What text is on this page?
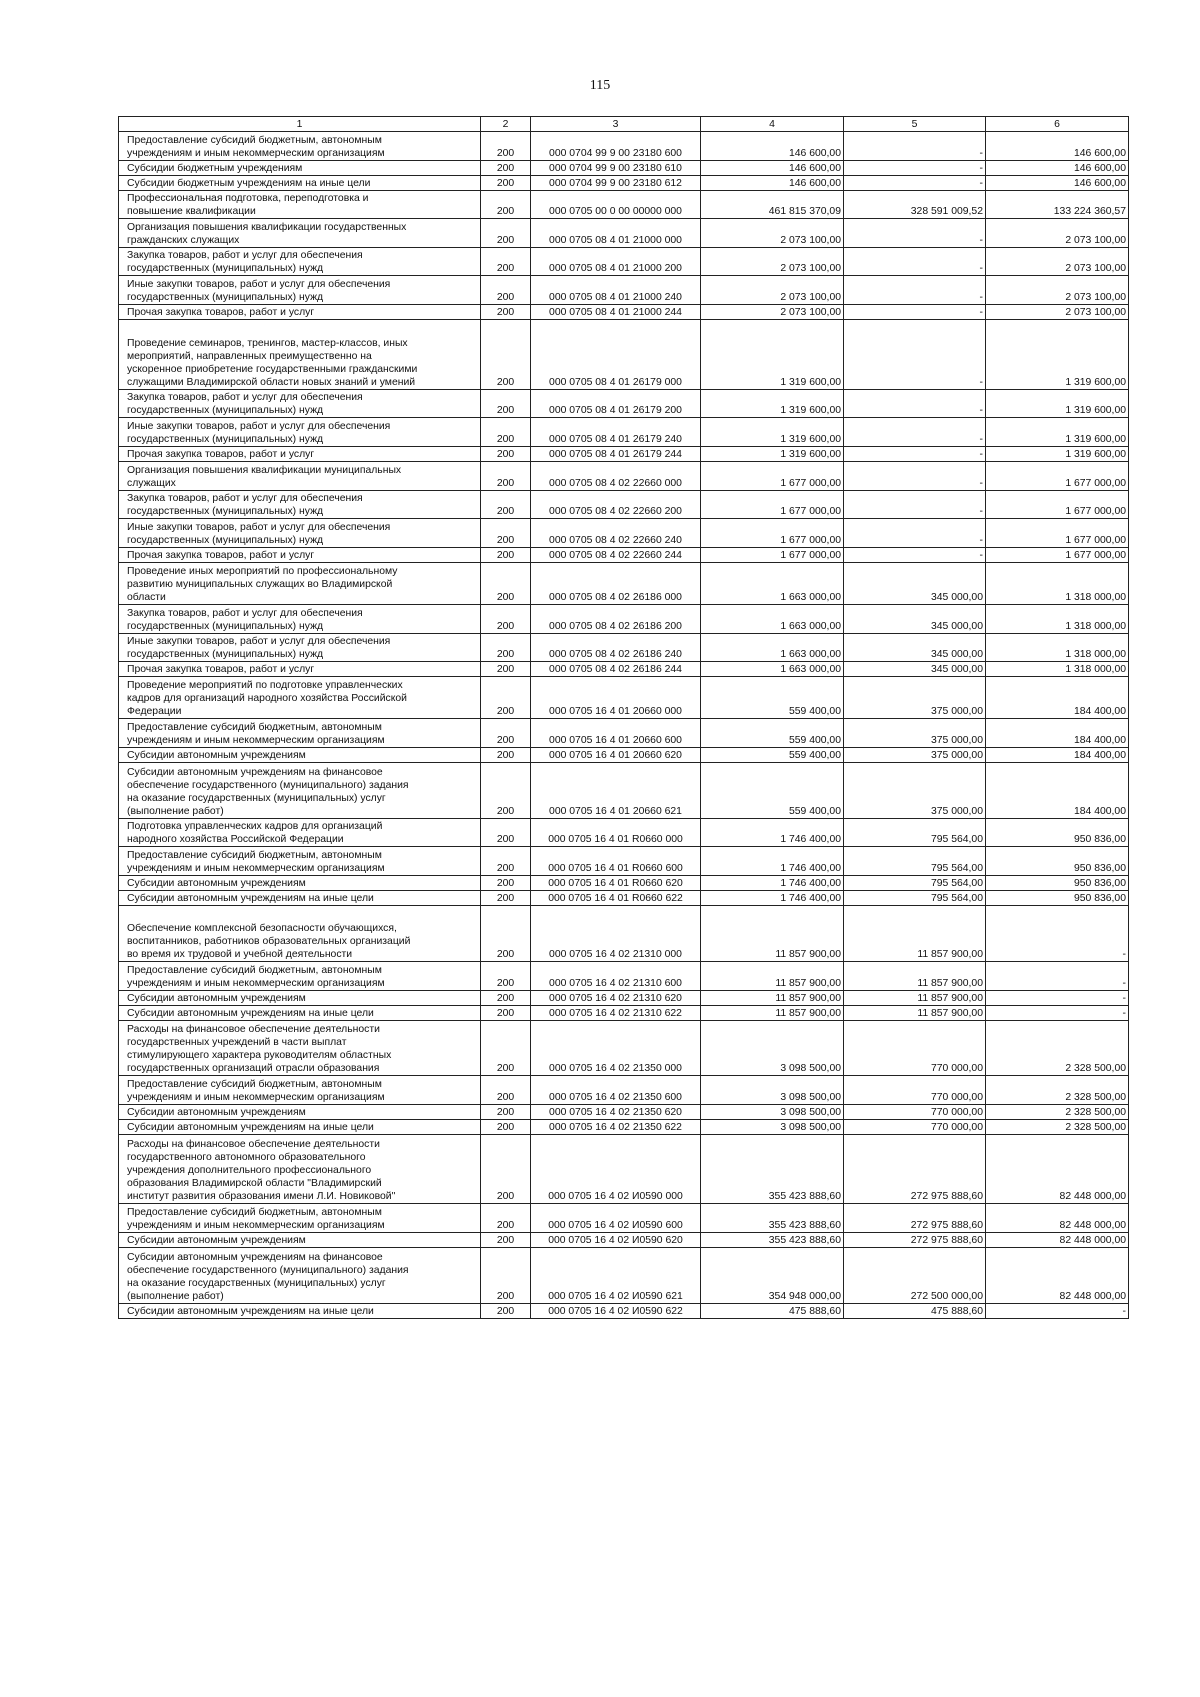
115
1	2	3	4	5	6
Предоставление субсидий бюджетным, автономным
учреждениям и иным некоммерческим организациям	200	000 0704 99 9 00 23180 600	146 600,00	-	146 600,00
Субсидии бюджетным учреждениям	200	000 0704 99 9 00 23180 610	146 600,00	-	146 600,00
Субсидии бюджетным учреждениям на иные цели	200	000 0704 99 9 00 23180 612	146 600,00	-	146 600,00
Профессиональная подготовка, переподготовка и
повышение квалификации	200	000 0705 00 0 00 00000 000	461 815 370,09	328 591 009,52	133 224 360,57
Организация повышения квалификации государственных
гражданских служащих	200	000 0705 08 4 01 21000 000	2 073 100,00	-	2 073 100,00
Закупка товаров, работ и услуг для обеспечения
государственных (муниципальных) нужд	200	000 0705 08 4 01 21000 200	2 073 100,00	-	2 073 100,00
Иные закупки товаров, работ и услуг для обеспечения
государственных (муниципальных) нужд	200	000 0705 08 4 01 21000 240	2 073 100,00	-	2 073 100,00
Прочая закупка товаров, работ и услуг	200	000 0705 08 4 01 21000 244	2 073 100,00	-	2 073 100,00
Проведение семинаров, тренингов, мастер-классов, иных
мероприятий, направленных преимущественно на
ускоренное приобретение государственными гражданскими
служащими Владимирской области новых знаний и умений	200	000 0705 08 4 01 26179 000	1 319 600,00	-	1 319 600,00
Закупка товаров, работ и услуг для обеспечения
государственных (муниципальных) нужд	200	000 0705 08 4 01 26179 200	1 319 600,00	-	1 319 600,00
Иные закупки товаров, работ и услуг для обеспечения
государственных (муниципальных) нужд	200	000 0705 08 4 01 26179 240	1 319 600,00	-	1 319 600,00
Прочая закупка товаров, работ и услуг	200	000 0705 08 4 01 26179 244	1 319 600,00	-	1 319 600,00
Организация повышения квалификации муниципальных
служащих	200	000 0705 08 4 02 22660 000	1 677 000,00	-	1 677 000,00
Закупка товаров, работ и услуг для обеспечения
государственных (муниципальных) нужд	200	000 0705 08 4 02 22660 200	1 677 000,00	-	1 677 000,00
Иные закупки товаров, работ и услуг для обеспечения
государственных (муниципальных) нужд	200	000 0705 08 4 02 22660 240	1 677 000,00	-	1 677 000,00
Прочая закупка товаров, работ и услуг	200	000 0705 08 4 02 22660 244	1 677 000,00	-	1 677 000,00
Проведение иных мероприятий по профессиональному
развитию муниципальных служащих во Владимирской
области	200	000 0705 08 4 02 26186 000	1 663 000,00	345 000,00	1 318 000,00
Закупка товаров, работ и услуг для обеспечения
государственных (муниципальных) нужд	200	000 0705 08 4 02 26186 200	1 663 000,00	345 000,00	1 318 000,00
Иные закупки товаров, работ и услуг для обеспечения
государственных (муниципальных) нужд	200	000 0705 08 4 02 26186 240	1 663 000,00	345 000,00	1 318 000,00
Прочая закупка товаров, работ и услуг	200	000 0705 08 4 02 26186 244	1 663 000,00	345 000,00	1 318 000,00
Проведение мероприятий по подготовке управленческих
кадров для организаций народного хозяйства Российской
Федерации	200	000 0705 16 4 01 20660 000	559 400,00	375 000,00	184 400,00
Предоставление субсидий бюджетным, автономным
учреждениям и иным некоммерческим организациям	200	000 0705 16 4 01 20660 600	559 400,00	375 000,00	184 400,00
Субсидии автономным учреждениям	200	000 0705 16 4 01 20660 620	559 400,00	375 000,00	184 400,00
Субсидии автономным учреждениям на финансовое
обеспечение государственного (муниципального) задания
на оказание государственных (муниципальных) услуг
(выполнение работ)	200	000 0705 16 4 01 20660 621	559 400,00	375 000,00	184 400,00
Подготовка управленческих кадров для организаций
народного хозяйства Российской Федерации	200	000 0705 16 4 01 R0660 000	1 746 400,00	795 564,00	950 836,00
Предоставление субсидий бюджетным, автономным
учреждениям и иным некоммерческим организациям	200	000 0705 16 4 01 R0660 600	1 746 400,00	795 564,00	950 836,00
Субсидии автономным учреждениям	200	000 0705 16 4 01 R0660 620	1 746 400,00	795 564,00	950 836,00
Субсидии автономным учреждениям на иные цели	200	000 0705 16 4 01 R0660 622	1 746 400,00	795 564,00	950 836,00
Обеспечение комплексной безопасности обучающихся,
воспитанников, работников образовательных организаций
во время их трудовой и учебной деятельности	200	000 0705 16 4 02 21310 000	11 857 900,00	11 857 900,00	-
Предоставление субсидий бюджетным, автономным
учреждениям и иным некоммерческим организациям	200	000 0705 16 4 02 21310 600	11 857 900,00	11 857 900,00	-
Субсидии автономным учреждениям	200	000 0705 16 4 02 21310 620	11 857 900,00	11 857 900,00	-
Субсидии автономным учреждениям на иные цели	200	000 0705 16 4 02 21310 622	11 857 900,00	11 857 900,00	-
Расходы на финансовое обеспечение деятельности
государственных учреждений в части выплат
стимулирующего характера руководителям областных
государственных организаций отрасли образования	200	000 0705 16 4 02 21350 000	3 098 500,00	770 000,00	2 328 500,00
Предоставление субсидий бюджетным, автономным
учреждениям и иным некоммерческим организациям	200	000 0705 16 4 02 21350 600	3 098 500,00	770 000,00	2 328 500,00
Субсидии автономным учреждениям	200	000 0705 16 4 02 21350 620	3 098 500,00	770 000,00	2 328 500,00
Субсидии автономным учреждениям на иные цели	200	000 0705 16 4 02 21350 622	3 098 500,00	770 000,00	2 328 500,00
Расходы на финансовое обеспечение деятельности
государственного автономного образовательного
учреждения дополнительного профессионального
образования Владимирской области "Владимирский
институт развития образования имени Л.И. Новиковой"	200	000 0705 16 4 02 И0590 000	355 423 888,60	272 975 888,60	82 448 000,00
Предоставление субсидий бюджетным, автономным
учреждениям и иным некоммерческим организациям	200	000 0705 16 4 02 И0590 600	355 423 888,60	272 975 888,60	82 448 000,00
Субсидии автономным учреждениям	200	000 0705 16 4 02 И0590 620	355 423 888,60	272 975 888,60	82 448 000,00
Субсидии автономным учреждениям на финансовое
обеспечение государственного (муниципального) задания
на оказание государственных (муниципальных) услуг
(выполнение работ)	200	000 0705 16 4 02 И0590 621	354 948 000,00	272 500 000,00	82 448 000,00
Субсидии автономным учреждениям на иные цели	200	000 0705 16 4 02 И0590 622	475 888,60	475 888,60	-
